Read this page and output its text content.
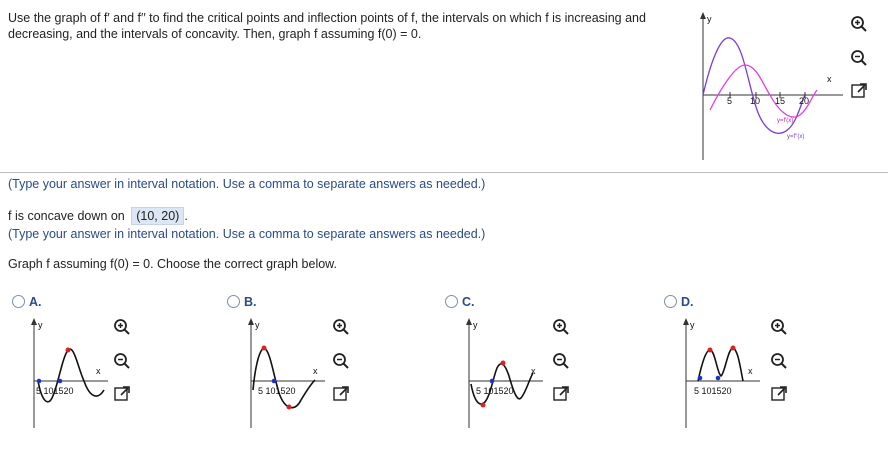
Use the graph of f′ and f′′ to find the critical points and inflection points of f, the intervals on which f is increasing and decreasing, and the intervals of concavity. Then, graph f assuming f(0) = 0.
y
x
5 10 15 20
y=f′(x)
y=f′′(x)
(Type your answer in interval notation. Use a comma to separate answers as needed.)
f is concave down on (10, 20) .
(Type your answer in interval notation. Use a comma to separate answers as needed.)
Graph f assuming f(0) = 0. Choose the correct graph below.
A.
y
x
5 101520
B.
y
x
5 101520
C.
y
x
5 101520
D.
y
x
5 101520
